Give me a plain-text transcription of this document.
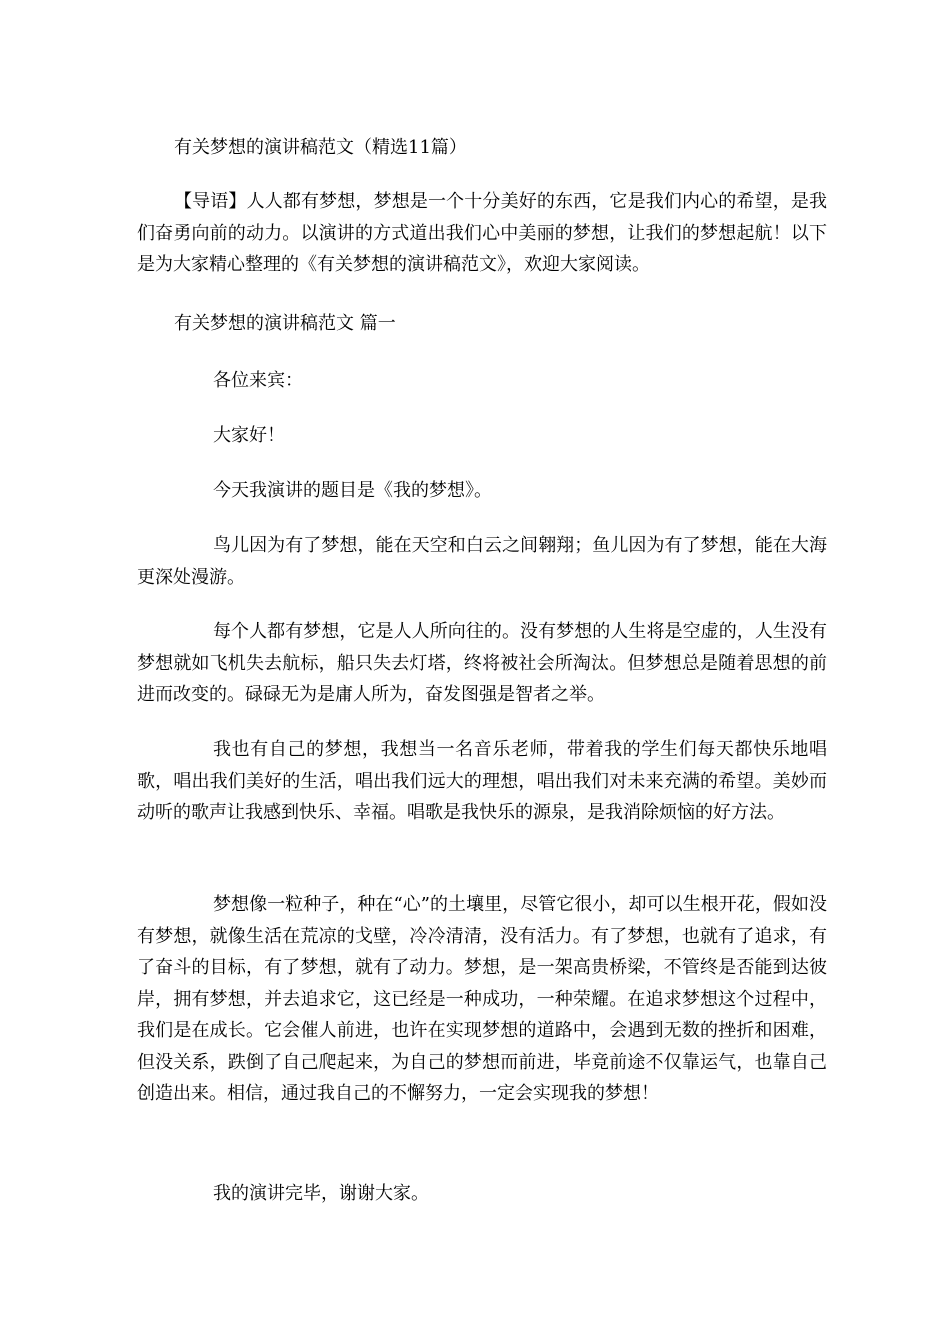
有关梦想的演讲稿范文（精选11篇）

【导语】人人都有梦想，梦想是一个十分美好的东西，它是我们内心的希望，是我们奋勇向前的动力。以演讲的方式道出我们心中美丽的梦想，让我们的梦想起航！以下是为大家精心整理的《有关梦想的演讲稿范文》，欢迎大家阅读。

有关梦想的演讲稿范文 篇一

各位来宾：

大家好！

今天我演讲的题目是《我的梦想》。

鸟儿因为有了梦想，能在天空和白云之间翱翔；鱼儿因为有了梦想，能在大海更深处漫游。

每个人都有梦想，它是人人所向往的。没有梦想的人生将是空虚的，人生没有梦想就如飞机失去航标，船只失去灯塔，终将被社会所淘汰。但梦想总是随着思想的前进而改变的。碌碌无为是庸人所为，奋发图强是智者之举。

我也有自己的梦想，我想当一名音乐老师，带着我的学生们每天都快乐地唱歌，唱出我们美好的生活，唱出我们远大的理想，唱出我们对未来充满的希望。美妙而动听的歌声让我感到快乐、幸福。唱歌是我快乐的源泉，是我消除烦恼的好方法。

梦想像一粒种子，种在“心”的土壤里，尽管它很小，却可以生根开花，假如没有梦想，就像生活在荒凉的戈壁，冷冷清清，没有活力。有了梦想，也就有了追求，有了奋斗的目标，有了梦想，就有了动力。梦想，是一架高贵桥梁，不管终是否能到达彼岸，拥有梦想，并去追求它，这已经是一种成功，一种荣耀。在追求梦想这个过程中，我们是在成长。它会催人前进，也许在实现梦想的道路中，会遇到无数的挫折和困难，但没关系，跌倒了自己爬起来，为自己的梦想而前进，毕竟前途不仅靠运气，也靠自己创造出来。相信，通过我自己的不懈努力，一定会实现我的梦想！

我的演讲完毕，谢谢大家。
